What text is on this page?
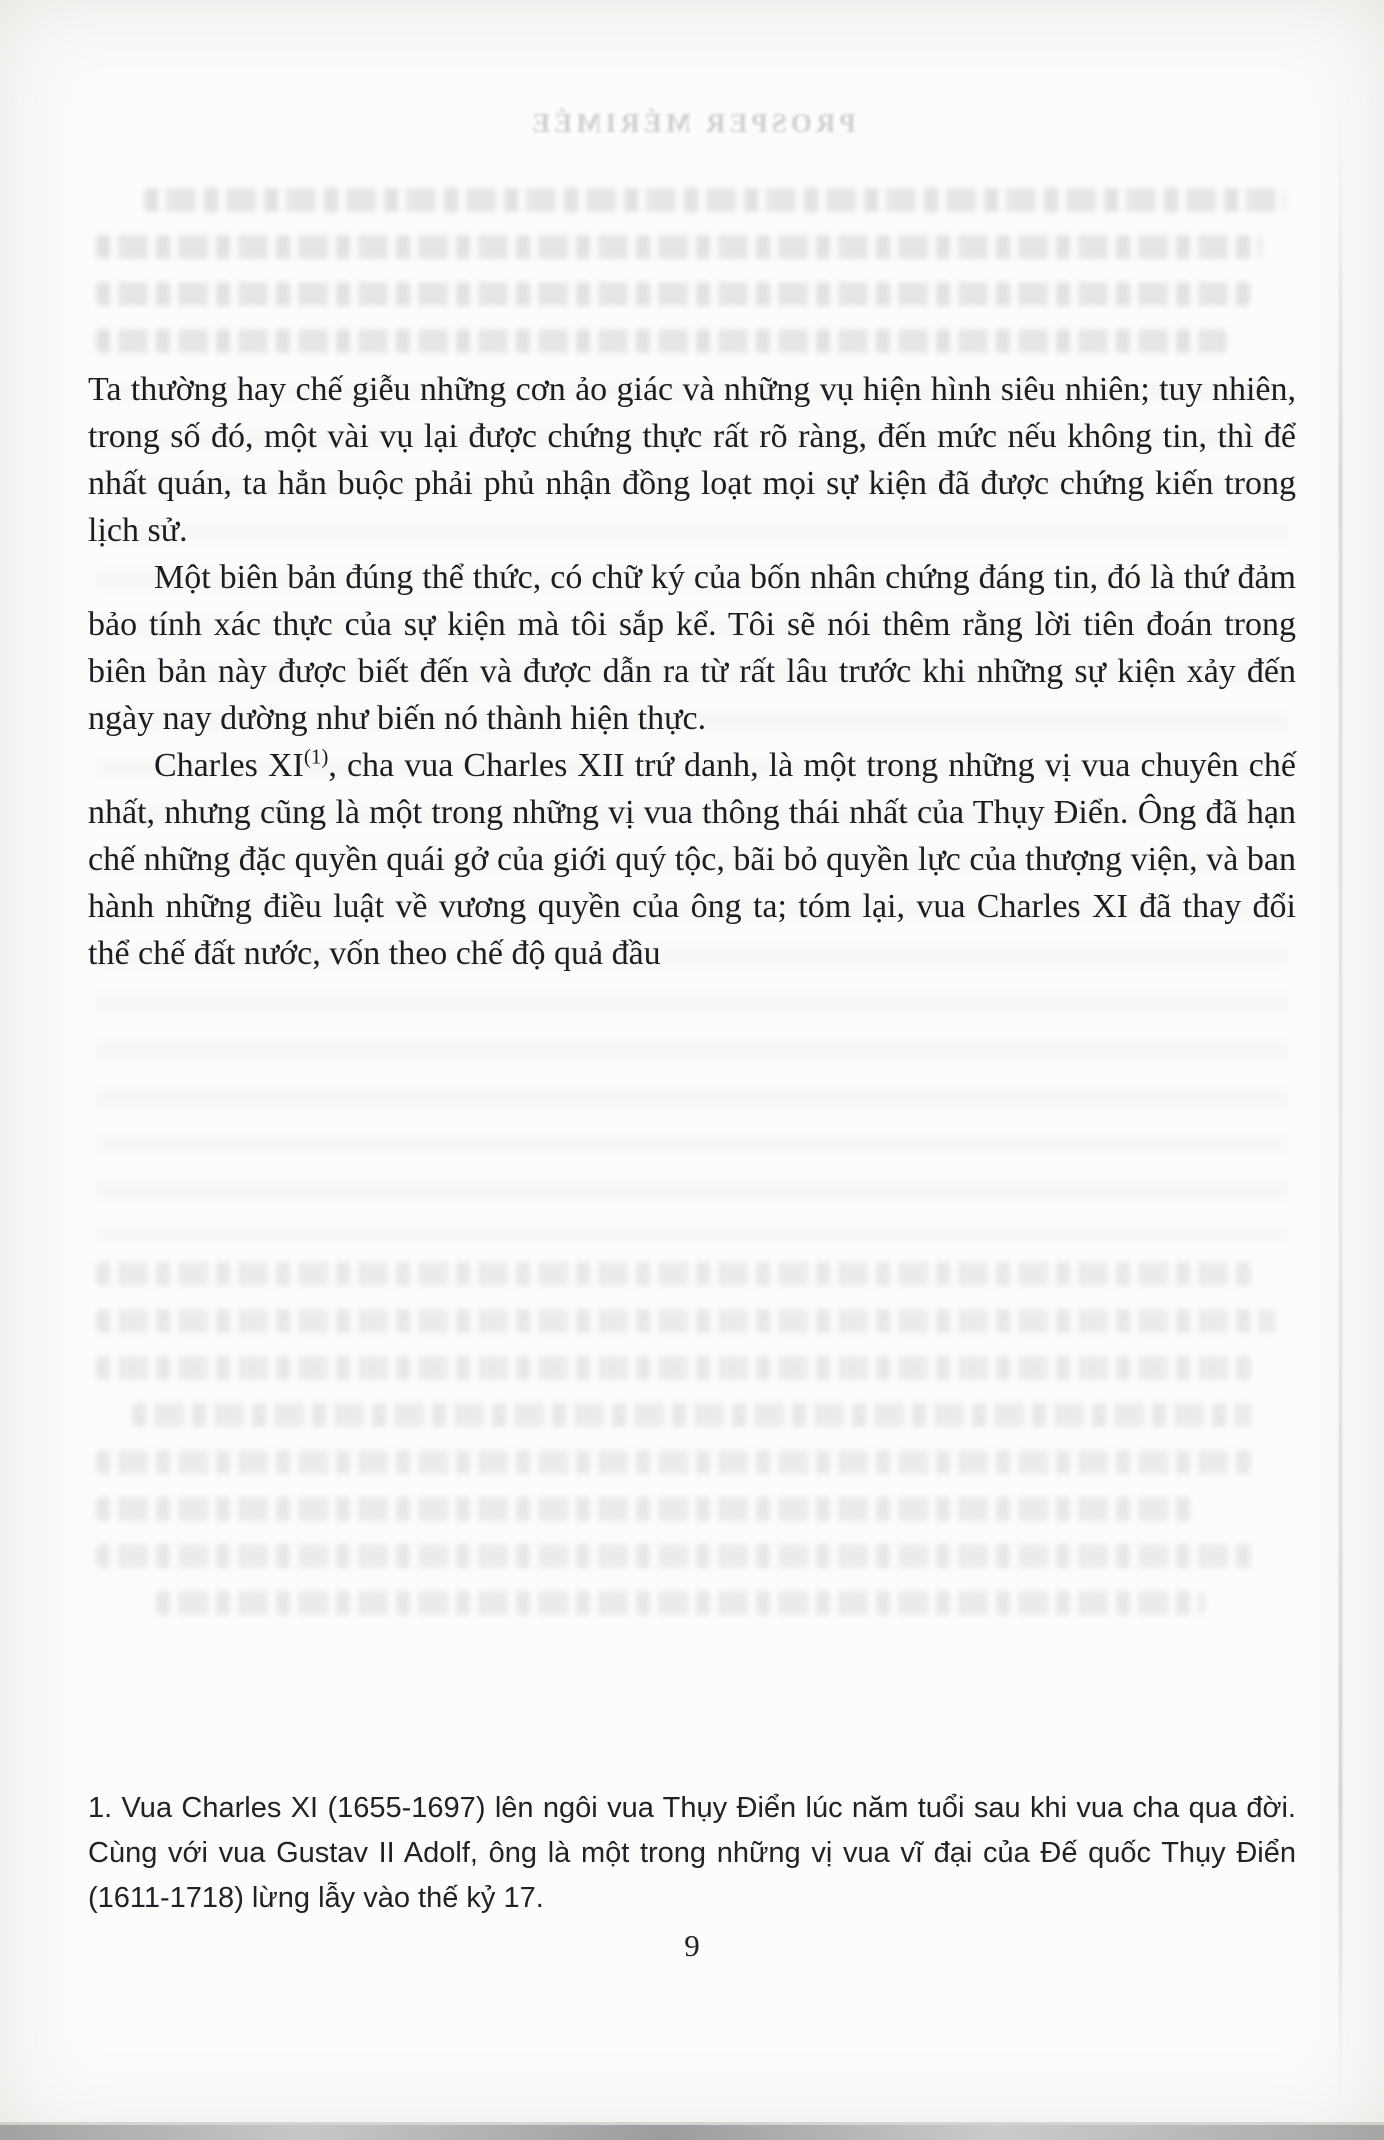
PROSPER MÉRIMÉE

Ta thường hay chế giễu những cơn ảo giác và những vụ hiện hình siêu nhiên; tuy nhiên, trong số đó, một vài vụ lại được chứng thực rất rõ ràng, đến mức nếu không tin, thì để nhất quán, ta hẳn buộc phải phủ nhận đồng loạt mọi sự kiện đã được chứng kiến trong lịch sử.

Một biên bản đúng thể thức, có chữ ký của bốn nhân chứng đáng tin, đó là thứ đảm bảo tính xác thực của sự kiện mà tôi sắp kể. Tôi sẽ nói thêm rằng lời tiên đoán trong biên bản này được biết đến và được dẫn ra từ rất lâu trước khi những sự kiện xảy đến ngày nay dường như biến nó thành hiện thực.

Charles XI$^{(1)}$, cha vua Charles XII trứ danh, là một trong những vị vua chuyên chế nhất, nhưng cũng là một trong những vị vua thông thái nhất của Thụy Điển. Ông đã hạn chế những đặc quyền quái gở của giới quý tộc, bãi bỏ quyền lực của thượng viện, và ban hành những điều luật về vương quyền của ông ta; tóm lại, vua Charles XI đã thay đổi thể chế đất nước, vốn theo chế độ quả đầu

1. Vua Charles XI (1655-1697) lên ngôi vua Thụy Điển lúc năm tuổi sau khi vua cha qua đời. Cùng với vua Gustav II Adolf, ông là một trong những vị vua vĩ đại của Đế quốc Thụy Điển (1611-1718) lừng lẫy vào thế kỷ 17.
9
